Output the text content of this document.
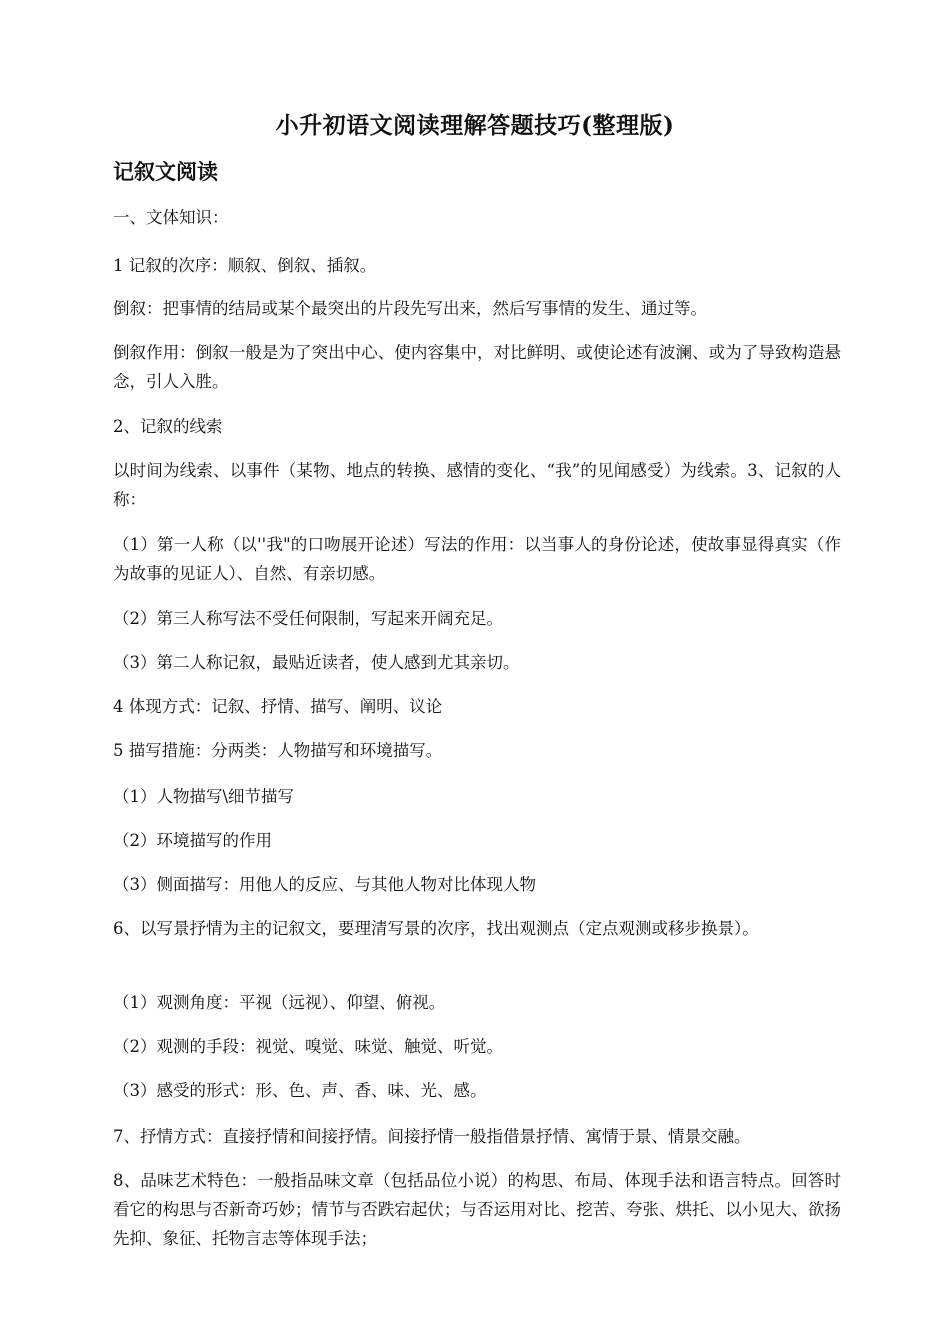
小升初语文阅读理解答题技巧(整理版)
记叙文阅读

一、文体知识：

1 记叙的次序：顺叙、倒叙、插叙。

倒叙：把事情的结局或某个最突出的片段先写出来，然后写事情的发生、通过等。

倒叙作用：倒叙一般是为了突出中心、使内容集中，对比鲜明、或使论述有波澜、或为了导致构造悬念，引人入胜。

2、记叙的线索

以时间为线索、以事件（某物、地点的转换、感情的变化、“我”的见闻感受）为线索。3、记叙的人称：

（1）第一人称（以''我"的口吻展开论述）写法的作用：以当事人的身份论述，使故事显得真实（作为故事的见证人）、自然、有亲切感。

（2）第三人称写法不受任何限制，写起来开阔充足。

（3）第二人称记叙，最贴近读者，使人感到尤其亲切。

4 体现方式：记叙、抒情、描写、阐明、议论

5 描写措施：分两类：人物描写和环境描写。

（1）人物描写\细节描写

（2）环境描写的作用

（3）侧面描写：用他人的反应、与其他人物对比体现人物

6、以写景抒情为主的记叙文，要理清写景的次序，找出观测点（定点观测或移步换景）。

（1）观测角度：平视（远视）、仰望、俯视。

（2）观测的手段：视觉、嗅觉、味觉、触觉、听觉。

（3）感受的形式：形、色、声、香、味、光、感。

7、抒情方式：直接抒情和间接抒情。间接抒情一般指借景抒情、寓情于景、情景交融。

8、品味艺术特色：一般指品味文章（包括品位小说）的构思、布局、体现手法和语言特点。回答时看它的构思与否新奇巧妙；情节与否跌宕起伏；与否运用对比、挖苦、夸张、烘托、以小见大、欲扬先抑、象征、托物言志等体现手法；
